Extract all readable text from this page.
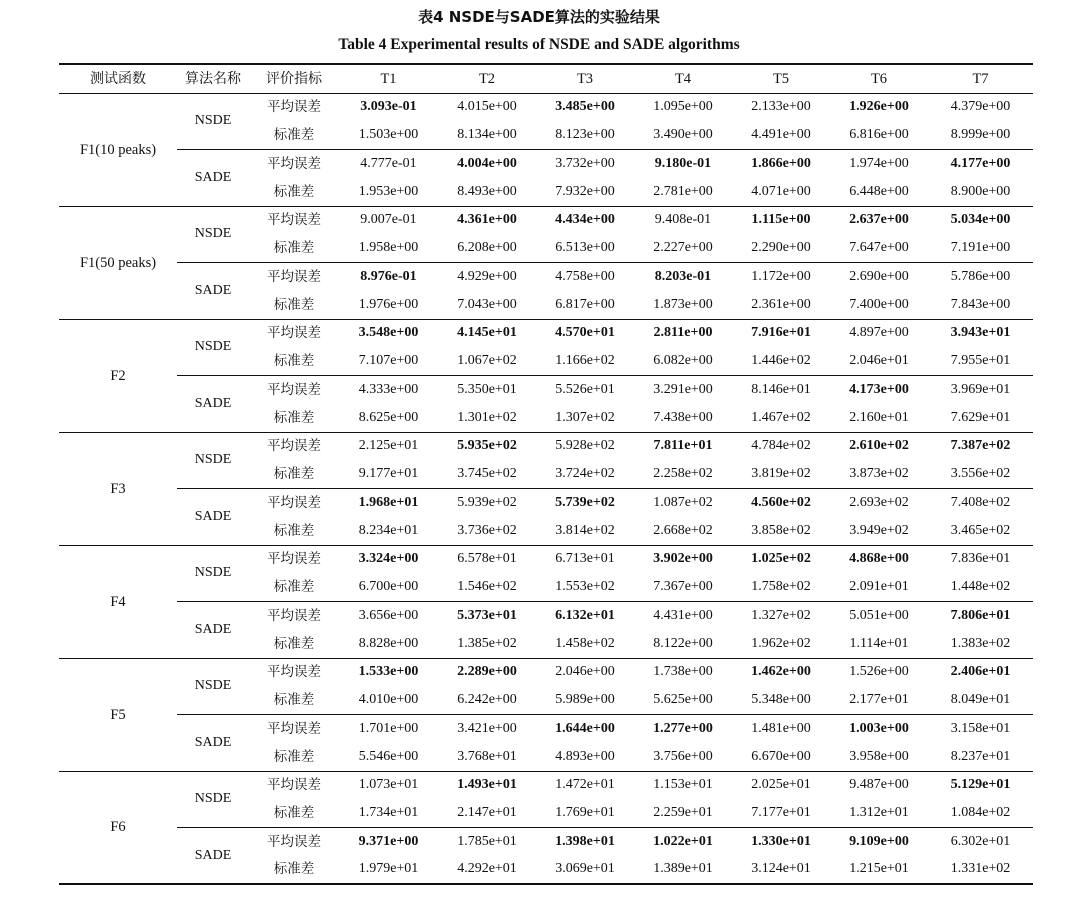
表4 NSDE与SADE算法的实验结果
Table 4 Experimental results of NSDE and SADE algorithms
测试函数	算法名称	评价指标	T1	T2	T3	T4	T5	T6	T7
F1(10 peaks)	NSDE	平均误差	3.093e-01	4.015e+00	3.485e+00	1.095e+00	2.133e+00	1.926e+00	4.379e+00
		标准差	1.503e+00	8.134e+00	8.123e+00	3.490e+00	4.491e+00	6.816e+00	8.999e+00
	SADE	平均误差	4.777e-01	4.004e+00	3.732e+00	9.180e-01	1.866e+00	1.974e+00	4.177e+00
		标准差	1.953e+00	8.493e+00	7.932e+00	2.781e+00	4.071e+00	6.448e+00	8.900e+00
F1(50 peaks)	NSDE	平均误差	9.007e-01	4.361e+00	4.434e+00	9.408e-01	1.115e+00	2.637e+00	5.034e+00
		标准差	1.958e+00	6.208e+00	6.513e+00	2.227e+00	2.290e+00	7.647e+00	7.191e+00
	SADE	平均误差	8.976e-01	4.929e+00	4.758e+00	8.203e-01	1.172e+00	2.690e+00	5.786e+00
		标准差	1.976e+00	7.043e+00	6.817e+00	1.873e+00	2.361e+00	7.400e+00	7.843e+00
F2	NSDE	平均误差	3.548e+00	4.145e+01	4.570e+01	2.811e+00	7.916e+01	4.897e+00	3.943e+01
		标准差	7.107e+00	1.067e+02	1.166e+02	6.082e+00	1.446e+02	2.046e+01	7.955e+01
	SADE	平均误差	4.333e+00	5.350e+01	5.526e+01	3.291e+00	8.146e+01	4.173e+00	3.969e+01
		标准差	8.625e+00	1.301e+02	1.307e+02	7.438e+00	1.467e+02	2.160e+01	7.629e+01
F3	NSDE	平均误差	2.125e+01	5.935e+02	5.928e+02	7.811e+01	4.784e+02	2.610e+02	7.387e+02
		标准差	9.177e+01	3.745e+02	3.724e+02	2.258e+02	3.819e+02	3.873e+02	3.556e+02
	SADE	平均误差	1.968e+01	5.939e+02	5.739e+02	1.087e+02	4.560e+02	2.693e+02	7.408e+02
		标准差	8.234e+01	3.736e+02	3.814e+02	2.668e+02	3.858e+02	3.949e+02	3.465e+02
F4	NSDE	平均误差	3.324e+00	6.578e+01	6.713e+01	3.902e+00	1.025e+02	4.868e+00	7.836e+01
		标准差	6.700e+00	1.546e+02	1.553e+02	7.367e+00	1.758e+02	2.091e+01	1.448e+02
	SADE	平均误差	3.656e+00	5.373e+01	6.132e+01	4.431e+00	1.327e+02	5.051e+00	7.806e+01
		标准差	8.828e+00	1.385e+02	1.458e+02	8.122e+00	1.962e+02	1.114e+01	1.383e+02
F5	NSDE	平均误差	1.533e+00	2.289e+00	2.046e+00	1.738e+00	1.462e+00	1.526e+00	2.406e+01
		标准差	4.010e+00	6.242e+00	5.989e+00	5.625e+00	5.348e+00	2.177e+01	8.049e+01
	SADE	平均误差	1.701e+00	3.421e+00	1.644e+00	1.277e+00	1.481e+00	1.003e+00	3.158e+01
		标准差	5.546e+00	3.768e+01	4.893e+00	3.756e+00	6.670e+00	3.958e+00	8.237e+01
F6	NSDE	平均误差	1.073e+01	1.493e+01	1.472e+01	1.153e+01	2.025e+01	9.487e+00	5.129e+01
		标准差	1.734e+01	2.147e+01	1.769e+01	2.259e+01	7.177e+01	1.312e+01	1.084e+02
	SADE	平均误差	9.371e+00	1.785e+01	1.398e+01	1.022e+01	1.330e+01	9.109e+00	6.302e+01
		标准差	1.979e+01	4.292e+01	3.069e+01	1.389e+01	3.124e+01	1.215e+01	1.331e+02
